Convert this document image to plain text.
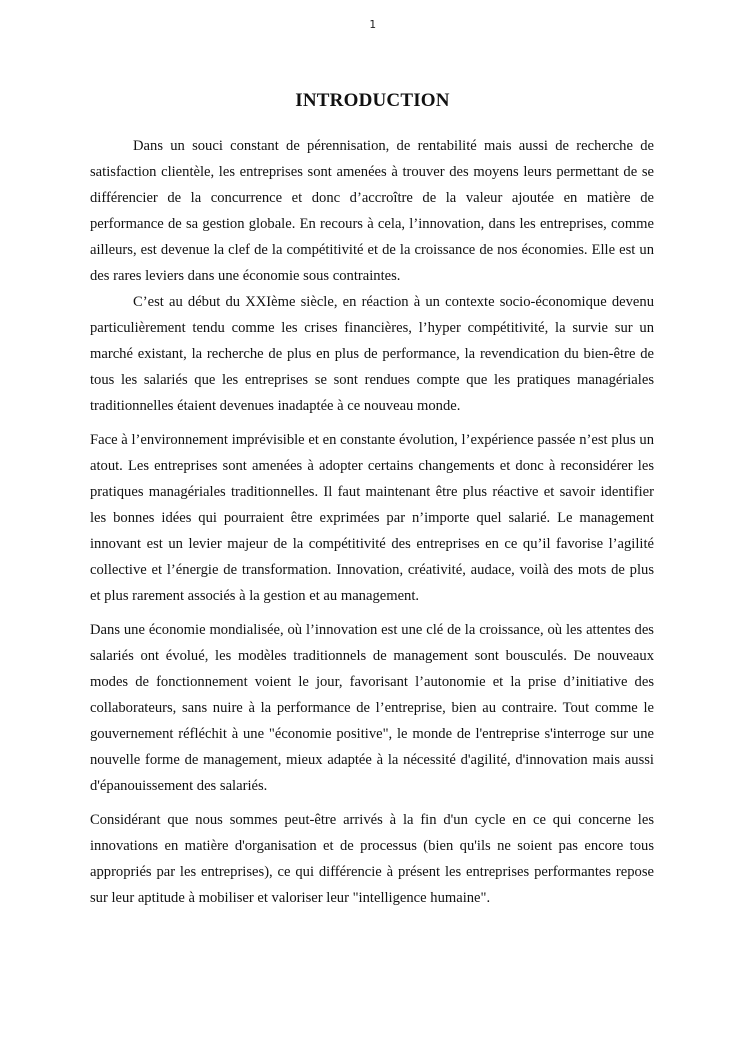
1
INTRODUCTION

Dans un souci constant de pérennisation, de rentabilité mais aussi de recherche de satisfaction clientèle, les entreprises sont amenées à trouver des moyens leurs permettant de se différencier de la concurrence et donc d’accroître de la valeur ajoutée en matière de performance de sa gestion globale. En recours à cela, l’innovation, dans les entreprises, comme ailleurs, est devenue la clef de la compétitivité et de la croissance de nos économies. Elle est un des rares leviers dans une économie sous contraintes.

C’est au début du XXIème siècle, en réaction à un contexte socio-économique devenu particulièrement tendu comme les crises financières, l’hyper compétitivité, la survie sur un marché existant, la recherche de plus en plus de performance, la revendication du bien-être de tous les salariés que les entreprises se sont rendues compte que les pratiques managériales traditionnelles étaient devenues inadaptée à ce nouveau monde.

Face à l’environnement imprévisible et en constante évolution, l’expérience passée n’est plus un atout. Les entreprises sont amenées à adopter certains changements et donc à reconsidérer les pratiques managériales traditionnelles. Il faut maintenant être plus réactive et savoir identifier les bonnes idées qui pourraient être exprimées par n’importe quel salarié. Le management innovant est un levier majeur de la compétitivité des entreprises en ce qu’il favorise l’agilité collective et l’énergie de transformation. Innovation, créativité, audace, voilà des mots de plus et plus rarement associés à la gestion et au management.

Dans une économie mondialisée, où l’innovation est une clé de la croissance, où les attentes des salariés ont évolué, les modèles traditionnels de management sont bousculés. De nouveaux modes de fonctionnement voient le jour, favorisant l’autonomie et la prise d’initiative des collaborateurs, sans nuire à la performance de l’entreprise, bien au contraire. Tout comme le gouvernement réfléchit à une "économie positive", le monde de l'entreprise s'interroge sur une nouvelle forme de management, mieux adaptée à la nécessité d'agilité, d'innovation mais aussi d'épanouissement des salariés.

Considérant que nous sommes peut-être arrivés à la fin d'un cycle en ce qui concerne les innovations en matière d'organisation et de processus (bien qu'ils ne soient pas encore tous appropriés par les entreprises), ce qui différencie à présent les entreprises performantes repose sur leur aptitude à mobiliser et valoriser leur "intelligence humaine".
